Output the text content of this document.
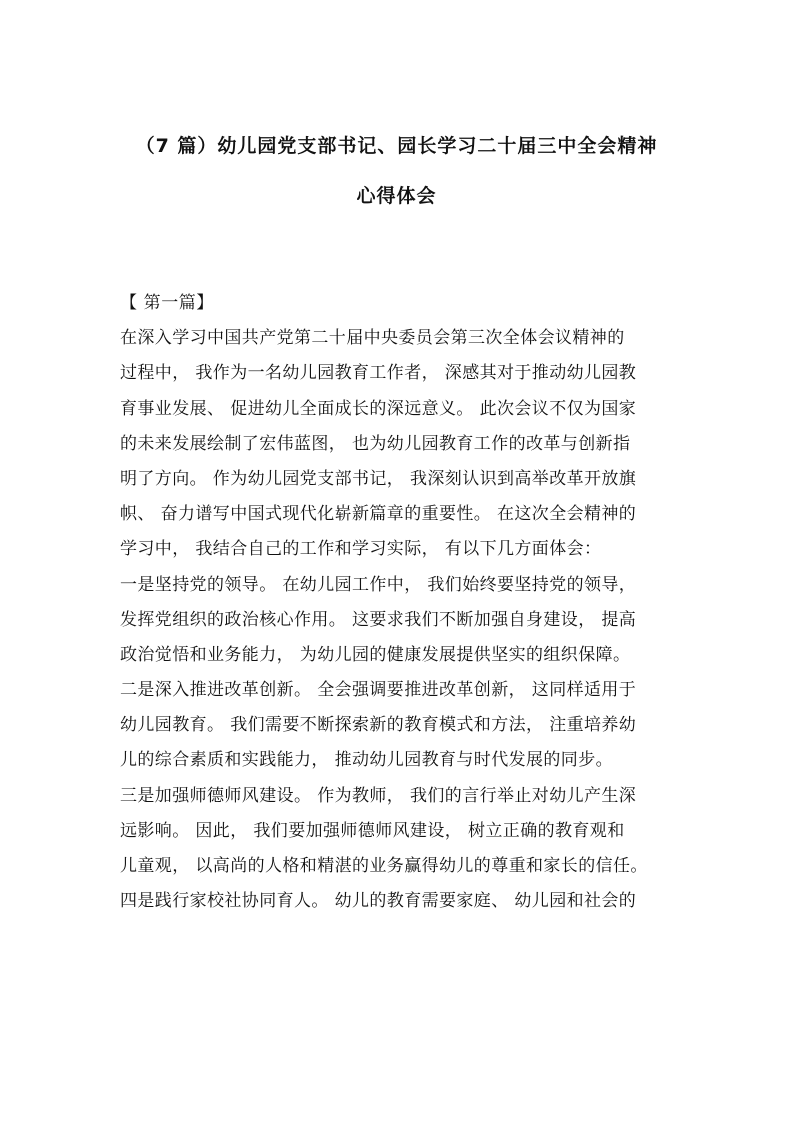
（7 篇）幼儿园党支部书记、园长学习二十届三中全会精神
心得体会
【 第一篇】
在深入学习中国共产党第二十届中央委员会第三次全体会议精神的
过程中， 我作为一名幼儿园教育工作者， 深感其对于推动幼儿园教
育事业发展、 促进幼儿全面成长的深远意义。 此次会议不仅为国家
的未来发展绘制了宏伟蓝图， 也为幼儿园教育工作的改革与创新指
明了方向。 作为幼儿园党支部书记， 我深刻认识到高举改革开放旗
帜、 奋力谱写中国式现代化崭新篇章的重要性。 在这次全会精神的
学习中， 我结合自己的工作和学习实际， 有以下几方面体会：
一是坚持党的领导。 在幼儿园工作中， 我们始终要坚持党的领导，
发挥党组织的政治核心作用。 这要求我们不断加强自身建设， 提高
政治觉悟和业务能力， 为幼儿园的健康发展提供坚实的组织保障。
二是深入推进改革创新。 全会强调要推进改革创新， 这同样适用于
幼儿园教育。 我们需要不断探索新的教育模式和方法， 注重培养幼
儿的综合素质和实践能力， 推动幼儿园教育与时代发展的同步。
三是加强师德师风建设。 作为教师， 我们的言行举止对幼儿产生深
远影响。 因此， 我们要加强师德师风建设， 树立正确的教育观和
儿童观， 以高尚的人格和精湛的业务赢得幼儿的尊重和家长的信任。
四是践行家校社协同育人。 幼儿的教育需要家庭、 幼儿园和社会的
